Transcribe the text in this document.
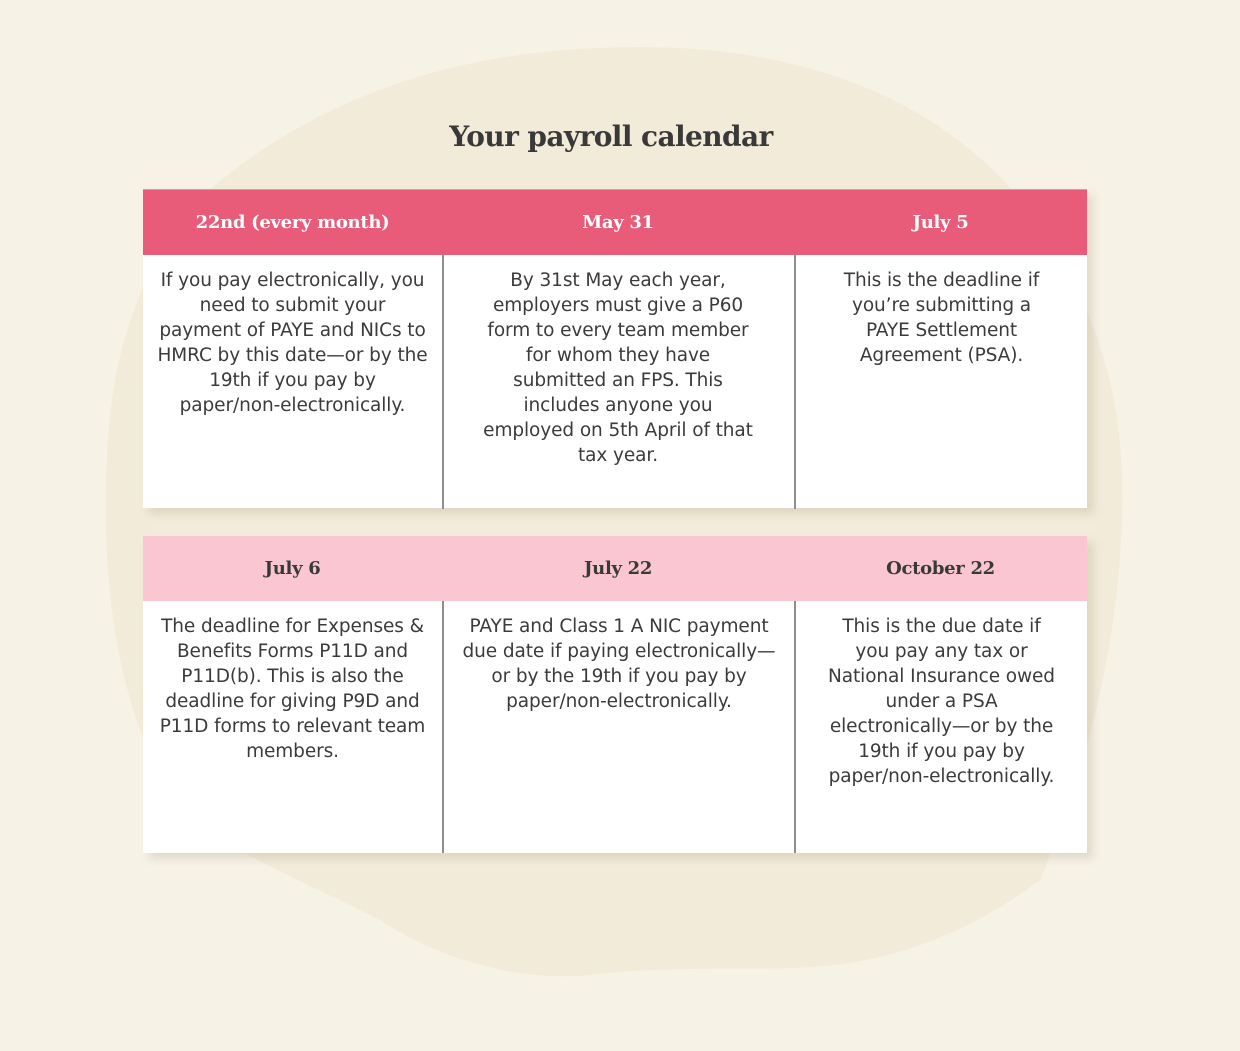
Your payroll calendar
22nd (every month)	May 31	July 5
If you pay electronically, you need to submit your payment of PAYE and NICs to HMRC by this date—or by the 19th if you pay by paper/non-electronically.
By 31st May each year, employers must give a P60 form to every team member for whom they have submitted an FPS. This includes anyone you employed on 5th April of that tax year.
This is the deadline if you’re submitting a PAYE Settlement Agreement (PSA).
July 6	July 22	October 22
The deadline for Expenses & Benefits Forms P11D and P11D(b). This is also the deadline for giving P9D and P11D forms to relevant team members.
PAYE and Class 1 A NIC payment due date if paying electronically—or by the 19th if you pay by paper/non-electronically.
This is the due date if you pay any tax or National Insurance owed under a PSA electronically—or by the 19th if you pay by paper/non-electronically.
